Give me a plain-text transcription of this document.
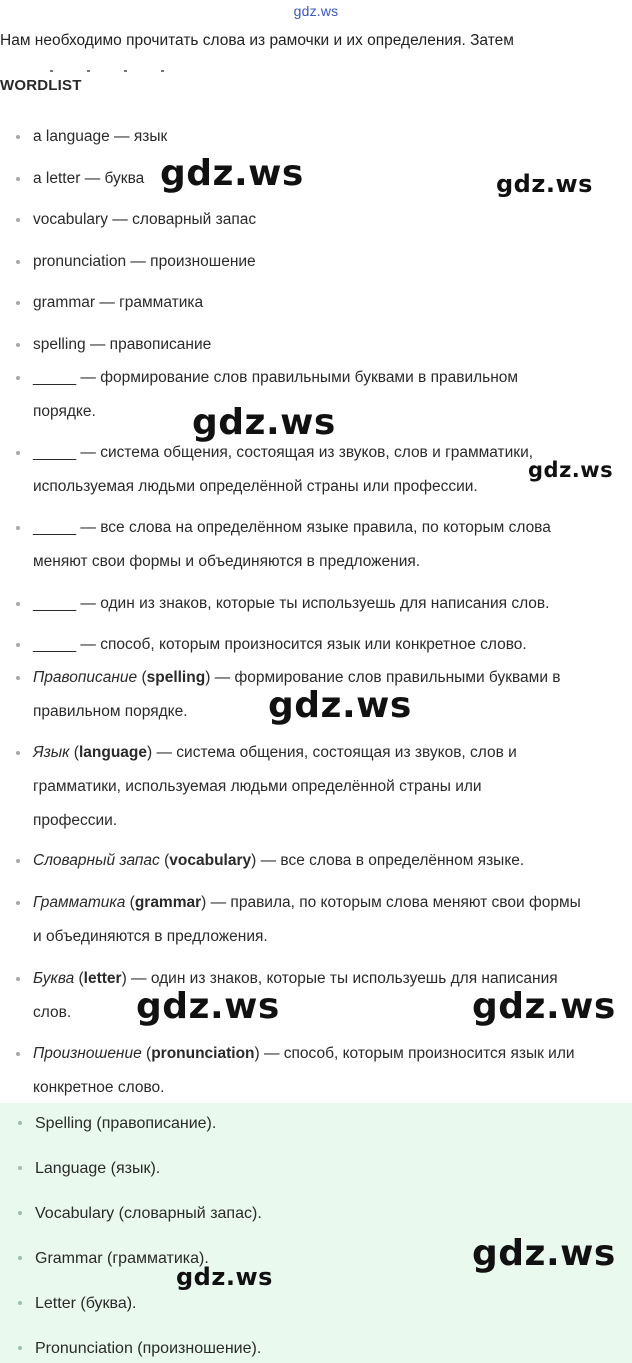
gdz.ws
Нам необходимо прочитать слова из рамочки и их определения. Затем
WORDLIST
a language — язык
a letter — буква
vocabulary — словарный запас
pronunciation — произношение
grammar — грамматика
spelling — правописание
_____ — формирование слов правильными буквами в правильном
порядке.
_____ — система общения, состоящая из звуков, слов и грамматики,
используемая людьми определённой страны или профессии.
_____ — все слова на определённом языке правила, по которым слова
меняют свои формы и объединяются в предложения.
_____ — один из знаков, которые ты используешь для написания слов.
_____ — способ, которым произносится язык или конкретное слово.
Правописание (spelling) — формирование слов правильными буквами в
правильном порядке.
Язык (language) — система общения, состоящая из звуков, слов и
грамматики, используемая людьми определённой страны или
профессии.
Словарный запас (vocabulary) — все слова в определённом языке.
Грамматика (grammar) — правила, по которым слова меняют свои формы
и объединяются в предложения.
Буква (letter) — один из знаков, которые ты используешь для написания
слов.
Произношение (pronunciation) — способ, которым произносится язык или
конкретное слово.
Spelling (правописание).
Language (язык).
Vocabulary (словарный запас).
Grammar (грамматика).
Letter (буква).
Pronunciation (произношение).
gdz.ws	gdz.ws
gdz.ws
gdz.ws
gdz.ws
gdz.ws	gdz.ws
gdz.ws
gdz.ws
